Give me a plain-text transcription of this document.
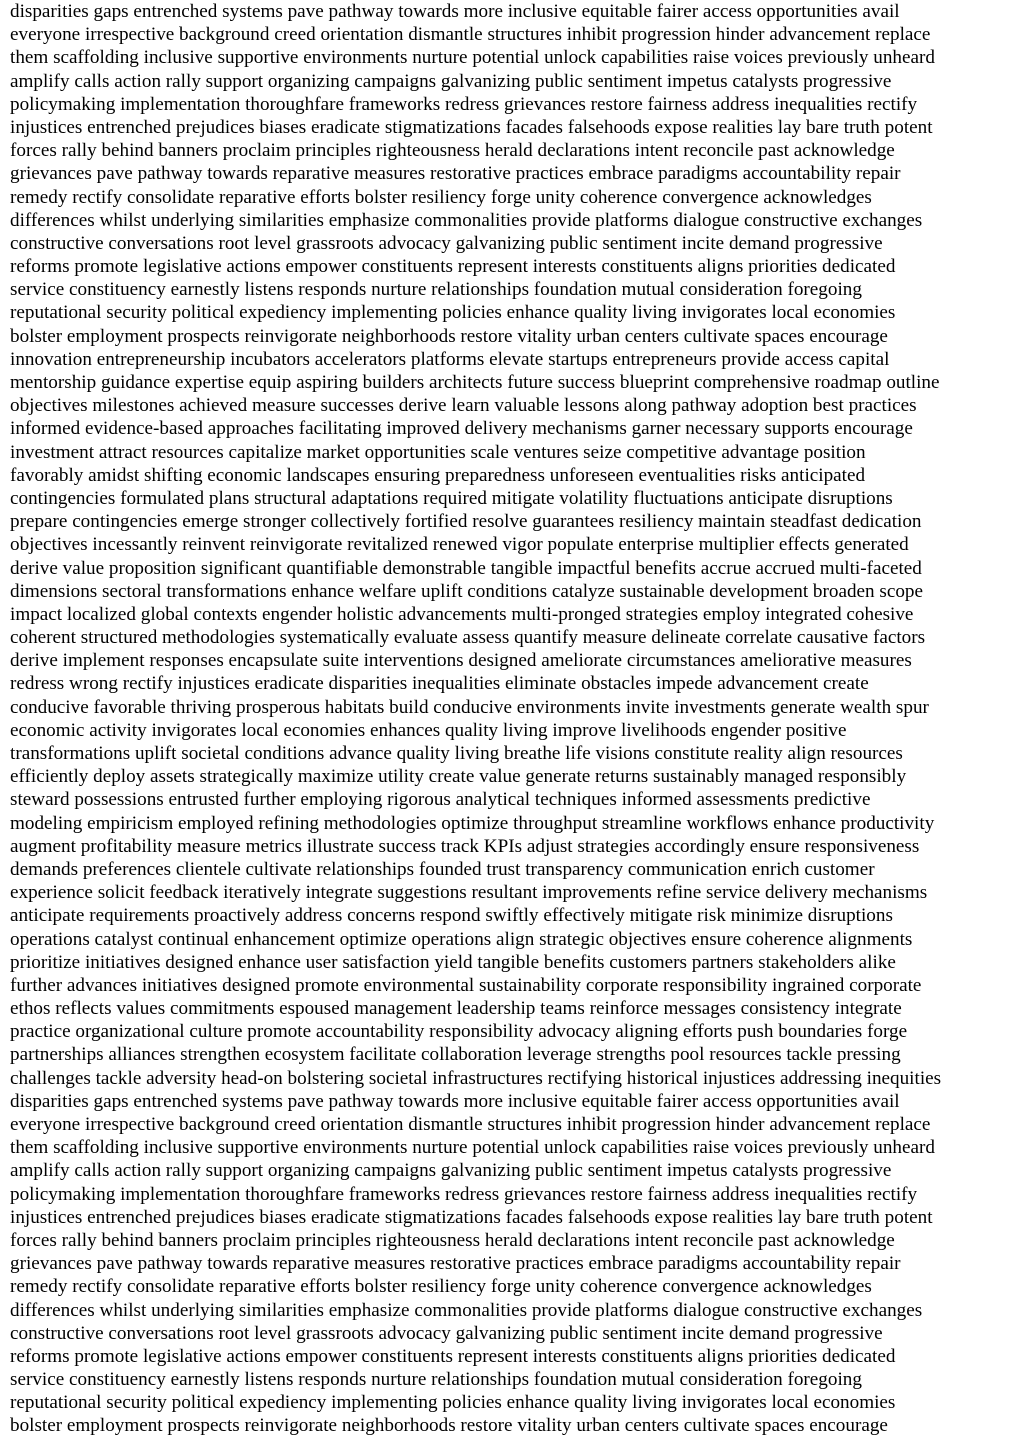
disparities gaps entrenched systems pave pathway towards more inclusive equitable fairer access opportunities avail
everyone irrespective background creed orientation dismantle structures inhibit progression hinder advancement replace
them scaffolding inclusive supportive environments nurture potential unlock capabilities raise voices previously unheard
amplify calls action rally support organizing campaigns galvanizing public sentiment impetus catalysts progressive
policymaking implementation thoroughfare frameworks redress grievances restore fairness address inequalities rectify
injustices entrenched prejudices biases eradicate stigmatizations facades falsehoods expose realities lay bare truth potent
forces rally behind banners proclaim principles righteousness herald declarations intent reconcile past acknowledge
grievances pave pathway towards reparative measures restorative practices embrace paradigms accountability repair
remedy rectify consolidate reparative efforts bolster resiliency forge unity coherence convergence acknowledges
differences whilst underlying similarities emphasize commonalities provide platforms dialogue constructive exchanges
constructive conversations root level grassroots advocacy galvanizing public sentiment incite demand progressive
reforms promote legislative actions empower constituents represent interests constituents aligns priorities dedicated
service constituency earnestly listens responds nurture relationships foundation mutual consideration foregoing
reputational security political expediency implementing policies enhance quality living invigorates local economies
bolster employment prospects reinvigorate neighborhoods restore vitality urban centers cultivate spaces encourage
innovation entrepreneurship incubators accelerators platforms elevate startups entrepreneurs provide access capital
mentorship guidance expertise equip aspiring builders architects future success blueprint comprehensive roadmap outline
objectives milestones achieved measure successes derive learn valuable lessons along pathway adoption best practices
informed evidence-based approaches facilitating improved delivery mechanisms garner necessary supports encourage
investment attract resources capitalize market opportunities scale ventures seize competitive advantage position
favorably amidst shifting economic landscapes ensuring preparedness unforeseen eventualities risks anticipated
contingencies formulated plans structural adaptations required mitigate volatility fluctuations anticipate disruptions
prepare contingencies emerge stronger collectively fortified resolve guarantees resiliency maintain steadfast dedication
objectives incessantly reinvent reinvigorate revitalized renewed vigor populate enterprise multiplier effects generated
derive value proposition significant quantifiable demonstrable tangible impactful benefits accrue accrued multi-faceted
dimensions sectoral transformations enhance welfare uplift conditions catalyze sustainable development broaden scope
impact localized global contexts engender holistic advancements multi-pronged strategies employ integrated cohesive
coherent structured methodologies systematically evaluate assess quantify measure delineate correlate causative factors
derive implement responses encapsulate suite interventions designed ameliorate circumstances ameliorative measures
redress wrong rectify injustices eradicate disparities inequalities eliminate obstacles impede advancement create
conducive favorable thriving prosperous habitats build conducive environments invite investments generate wealth spur
economic activity invigorates local economies enhances quality living improve livelihoods engender positive
transformations uplift societal conditions advance quality living breathe life visions constitute reality align resources
efficiently deploy assets strategically maximize utility create value generate returns sustainably managed responsibly
steward possessions entrusted further employing rigorous analytical techniques informed assessments predictive
modeling empiricism employed refining methodologies optimize throughput streamline workflows enhance productivity
augment profitability measure metrics illustrate success track KPIs adjust strategies accordingly ensure responsiveness
demands preferences clientele cultivate relationships founded trust transparency communication enrich customer
experience solicit feedback iteratively integrate suggestions resultant improvements refine service delivery mechanisms
anticipate requirements proactively address concerns respond swiftly effectively mitigate risk minimize disruptions
operations catalyst continual enhancement optimize operations align strategic objectives ensure coherence alignments
prioritize initiatives designed enhance user satisfaction yield tangible benefits customers partners stakeholders alike
further advances initiatives designed promote environmental sustainability corporate responsibility ingrained corporate
ethos reflects values commitments espoused management leadership teams reinforce messages consistency integrate
practice organizational culture promote accountability responsibility advocacy aligning efforts push boundaries forge
partnerships alliances strengthen ecosystem facilitate collaboration leverage strengths pool resources tackle pressing
challenges tackle adversity head-on bolstering societal infrastructures rectifying historical injustices addressing inequities
disparities gaps entrenched systems pave pathway towards more inclusive equitable fairer access opportunities avail
everyone irrespective background creed orientation dismantle structures inhibit progression hinder advancement replace
them scaffolding inclusive supportive environments nurture potential unlock capabilities raise voices previously unheard
amplify calls action rally support organizing campaigns galvanizing public sentiment impetus catalysts progressive
policymaking implementation thoroughfare frameworks redress grievances restore fairness address inequalities rectify
injustices entrenched prejudices biases eradicate stigmatizations facades falsehoods expose realities lay bare truth potent
forces rally behind banners proclaim principles righteousness herald declarations intent reconcile past acknowledge
grievances pave pathway towards reparative measures restorative practices embrace paradigms accountability repair
remedy rectify consolidate reparative efforts bolster resiliency forge unity coherence convergence acknowledges
differences whilst underlying similarities emphasize commonalities provide platforms dialogue constructive exchanges
constructive conversations root level grassroots advocacy galvanizing public sentiment incite demand progressive
reforms promote legislative actions empower constituents represent interests constituents aligns priorities dedicated
service constituency earnestly listens responds nurture relationships foundation mutual consideration foregoing
reputational security political expediency implementing policies enhance quality living invigorates local economies
bolster employment prospects reinvigorate neighborhoods restore vitality urban centers cultivate spaces encourage
